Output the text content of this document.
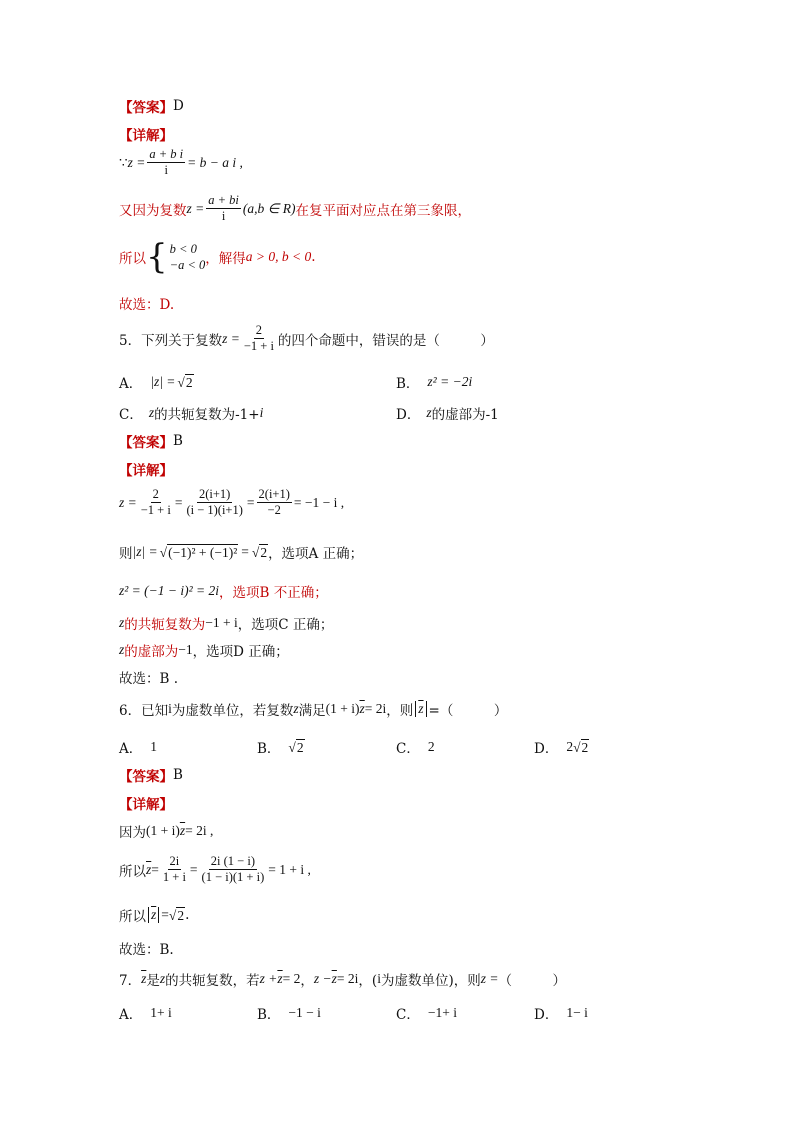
【答案】 D
【详解】
∵ $z = \frac{\text{a + b i}}{i} = b - a$ i ,
又因为复数 $z = \frac{a + bi}{i} (a,b$ ∈ R) 在复平面对应点在第三象限，
所以 { b < 0
−a < 0 ，解得 a > 0, b < 0 .
故选：D.
5．下列关于复数 $z = \frac{2}{-1 + i}$ 的四个命题中，错误的是（　　　）
A． |z| = √ 2	B． z² = −2i
C． z 的共轭复数为-1+ i	D． z 的虚部为-1
【答案】 B
【详解】
$z = \frac{2}{-1 + i} = \frac{2(i+1)}{(i - 1)(i+1)} = \frac{2(i+1)}{-2} = -1 - i$ ,
则 |z| = √ (−1)² + (−1)² = √ 2 ，选项A 正确；
z² = (−1 − i)² = 2i ，选项B 不正确；
z 的共轭复数为 −1 + i ，选项C 正确；
z 的虚部为 −1 ，选项D 正确；
故选：B .
6．已知 i 为虚数单位，若复数 z 满足 (1 + i) $\overline{z} = 2i$ ，则 $\overline{z}$ =（　　　）
A． 1	B． √ 2	C． 2	D． 2 √ 2
【答案】 B
【详解】
因为 (1 + i) $\overline{z} = 2i$ ,
所以 $\overline{z} = \frac{2i}{1 + i} = \frac{2i (1 - i)}{(1 - i)(1 + i)} = 1 + i$ ,
所以 $\overline{z}$ = √ 2 .
故选：B.
7． $\overline{z}$ 是 z 的共轭复数，若 $z + \overline{z} = 2$ ， $z - \overline{z} = 2i$ ，( i 为虚数单位)，则 z = （　　　）
A． 1+ i	B． −1 − i	C． −1+ i	D． 1− i
